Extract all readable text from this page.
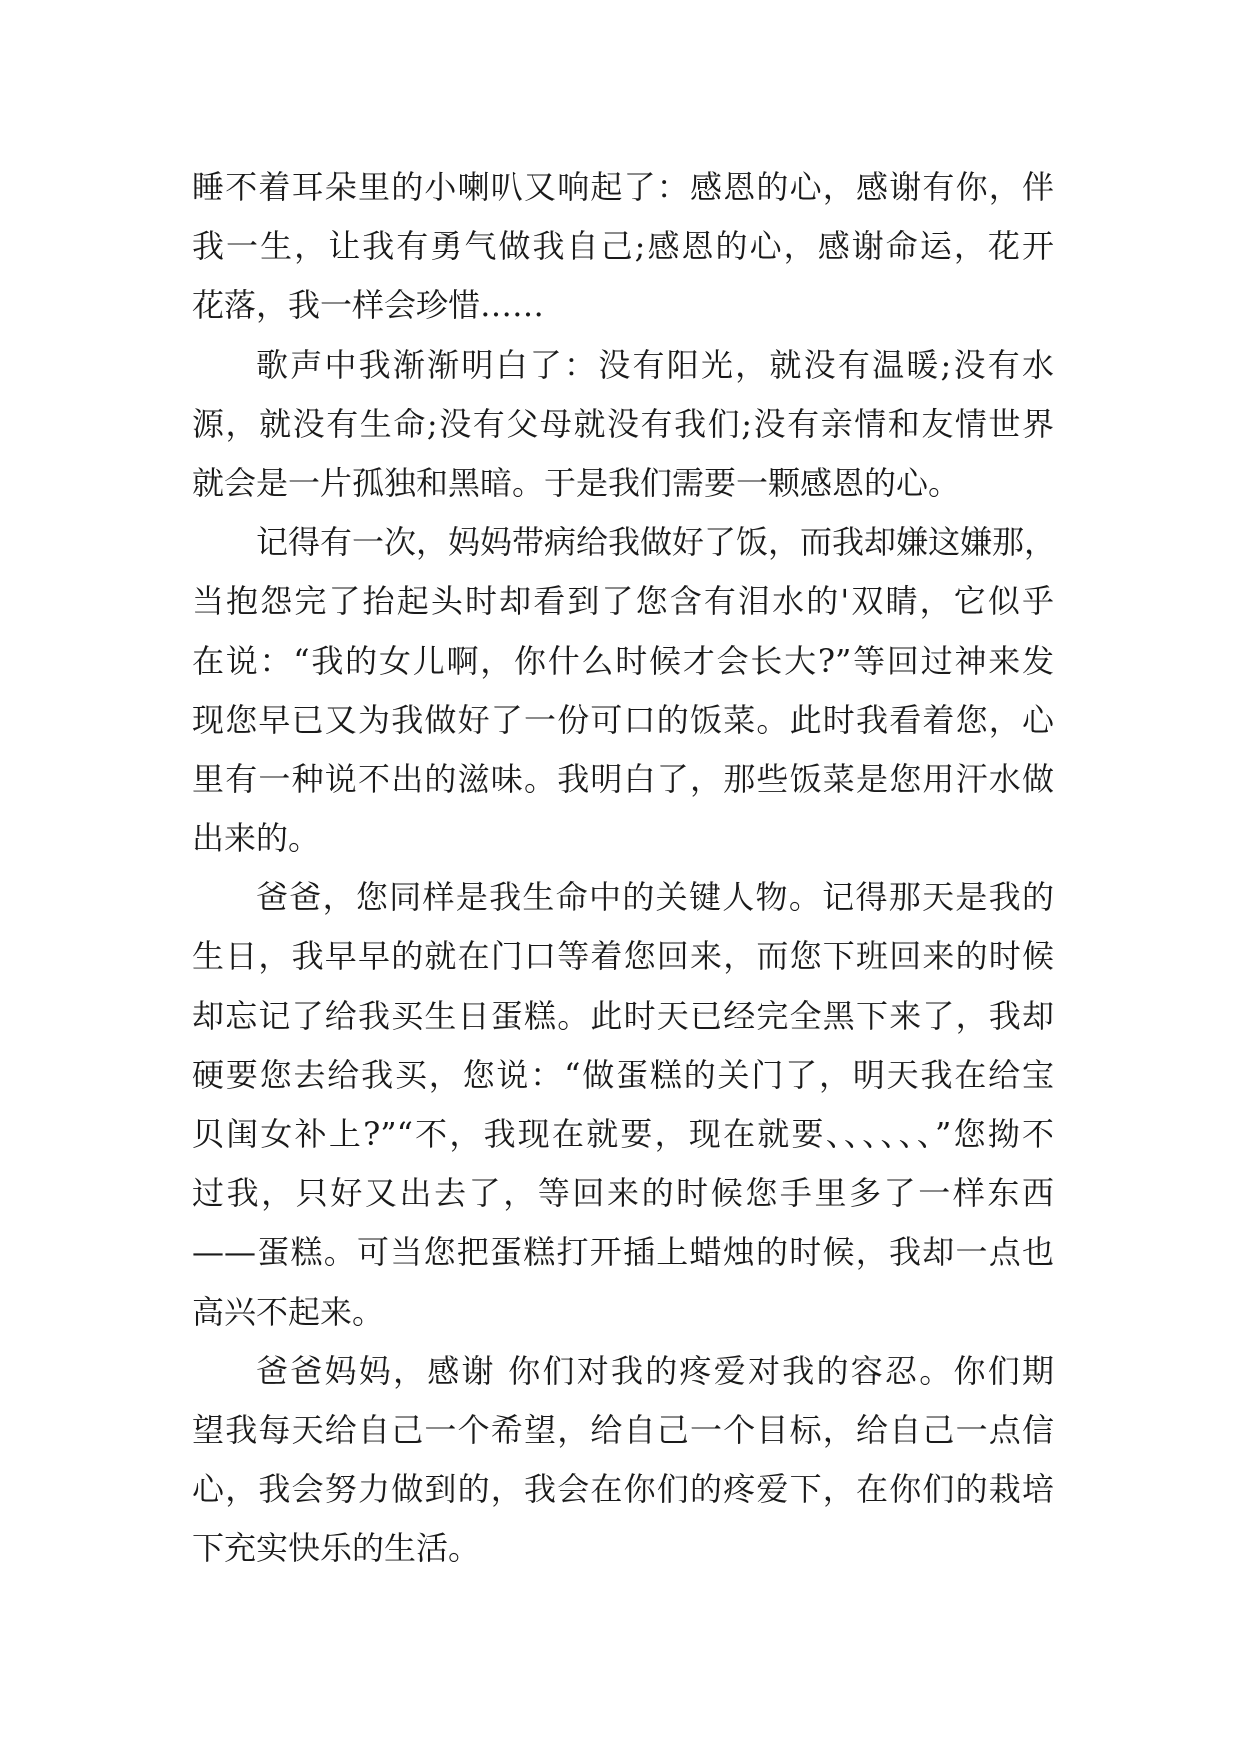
睡不着耳朵里的小喇叭又响起了：感恩的心，感谢有你，伴
我一生，让我有勇气做我自己;感恩的心，感谢命运，花开
花落，我一样会珍惜……
歌声中我渐渐明白了：没有阳光，就没有温暖;没有水
源，就没有生命;没有父母就没有我们;没有亲情和友情世界
就会是一片孤独和黑暗。于是我们需要一颗感恩的心。
记得有一次，妈妈带病给我做好了饭，而我却嫌这嫌那，
当抱怨完了抬起头时却看到了您含有泪水的'双睛，它似乎
在说：“我的女儿啊，你什么时候才会长大?”等回过神来发
现您早已又为我做好了一份可口的饭菜。此时我看着您，心
里有一种说不出的滋味。我明白了，那些饭菜是您用汗水做
出来的。
爸爸，您同样是我生命中的关键人物。记得那天是我的
生日，我早早的就在门口等着您回来，而您下班回来的时候
却忘记了给我买生日蛋糕。此时天已经完全黑下来了，我却
硬要您去给我买，您说：“做蛋糕的关门了，明天我在给宝
贝闺女补上?”“不，我现在就要，现在就要、、、、、、”您拗不
过我，只好又出去了，等回来的时候您手里多了一样东西
——蛋糕。可当您把蛋糕打开插上蜡烛的时候，我却一点也
高兴不起来。
爸爸妈妈，感谢 你们对我的疼爱对我的容忍。你们期
望我每天给自己一个希望，给自己一个目标，给自己一点信
心，我会努力做到的，我会在你们的疼爱下，在你们的栽培
下充实快乐的生活。
